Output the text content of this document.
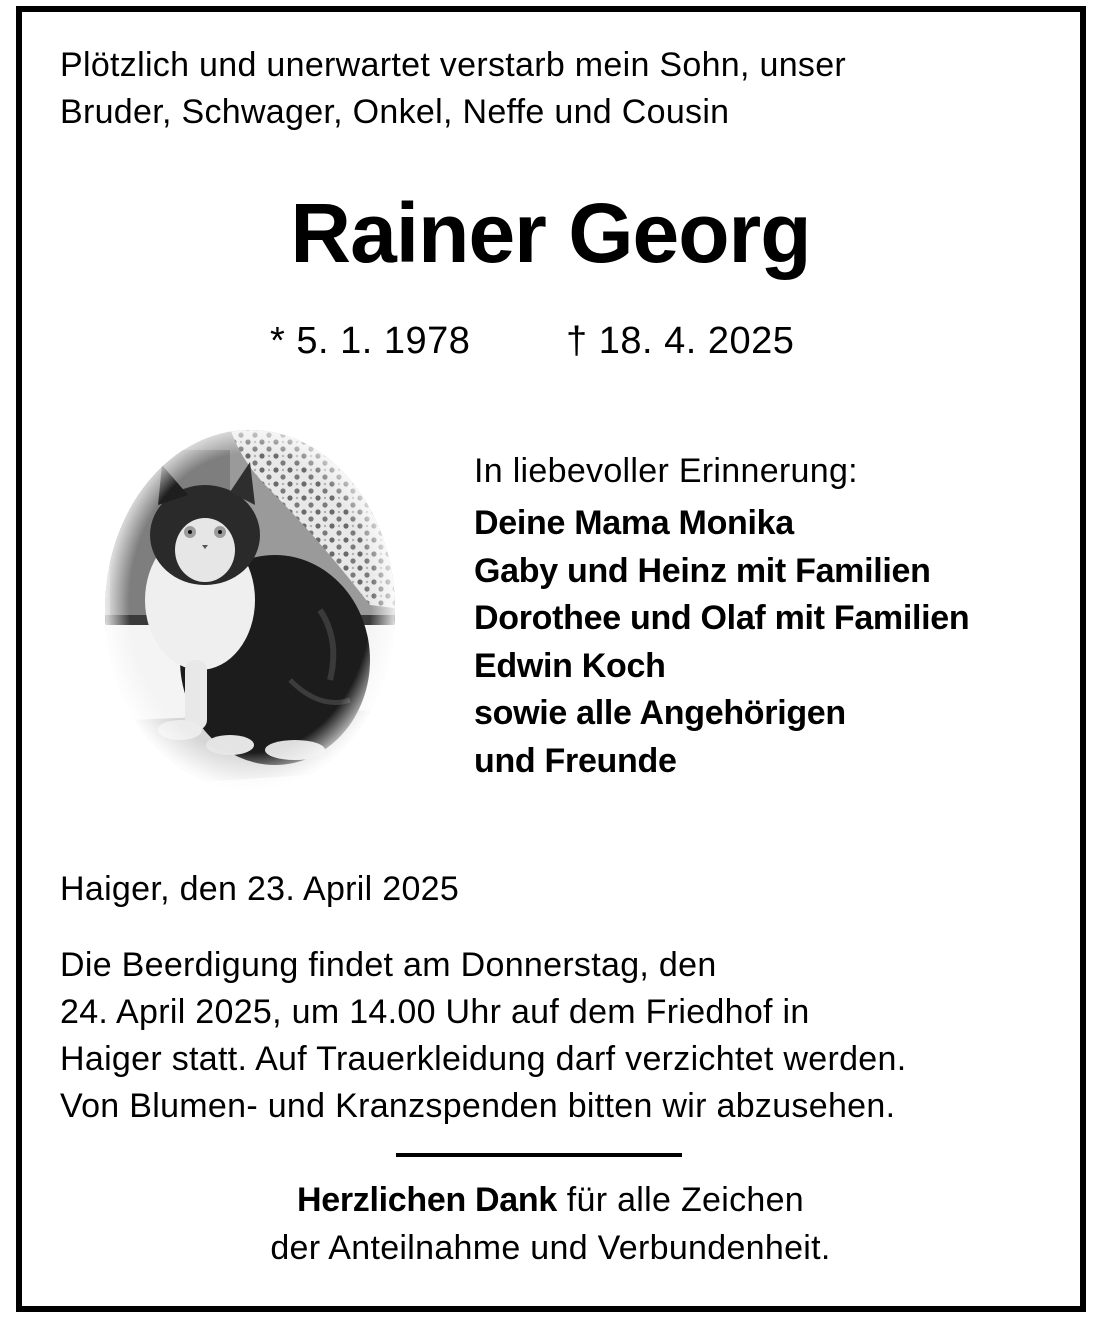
Plötzlich und unerwartet verstarb mein Sohn, unser
Bruder, Schwager, Onkel, Neffe und Cousin

Rainer Georg
* 5. 1. 1978	† 18. 4. 2025

In liebevoller Erinnerung:

Deine Mama Monika
Gaby und Heinz mit Familien
Dorothee und Olaf mit Familien
Edwin Koch
sowie alle Angehörigen
und Freunde

Haiger, den 23. April 2025

Die Beerdigung findet am Donnerstag, den
24. April 2025, um 14.00 Uhr auf dem Friedhof in
Haiger statt. Auf Trauerkleidung darf verzichtet werden.
Von Blumen- und Kranzspenden bitten wir abzusehen.

Herzlichen Dank für alle Zeichen
der Anteilnahme und Verbundenheit.
